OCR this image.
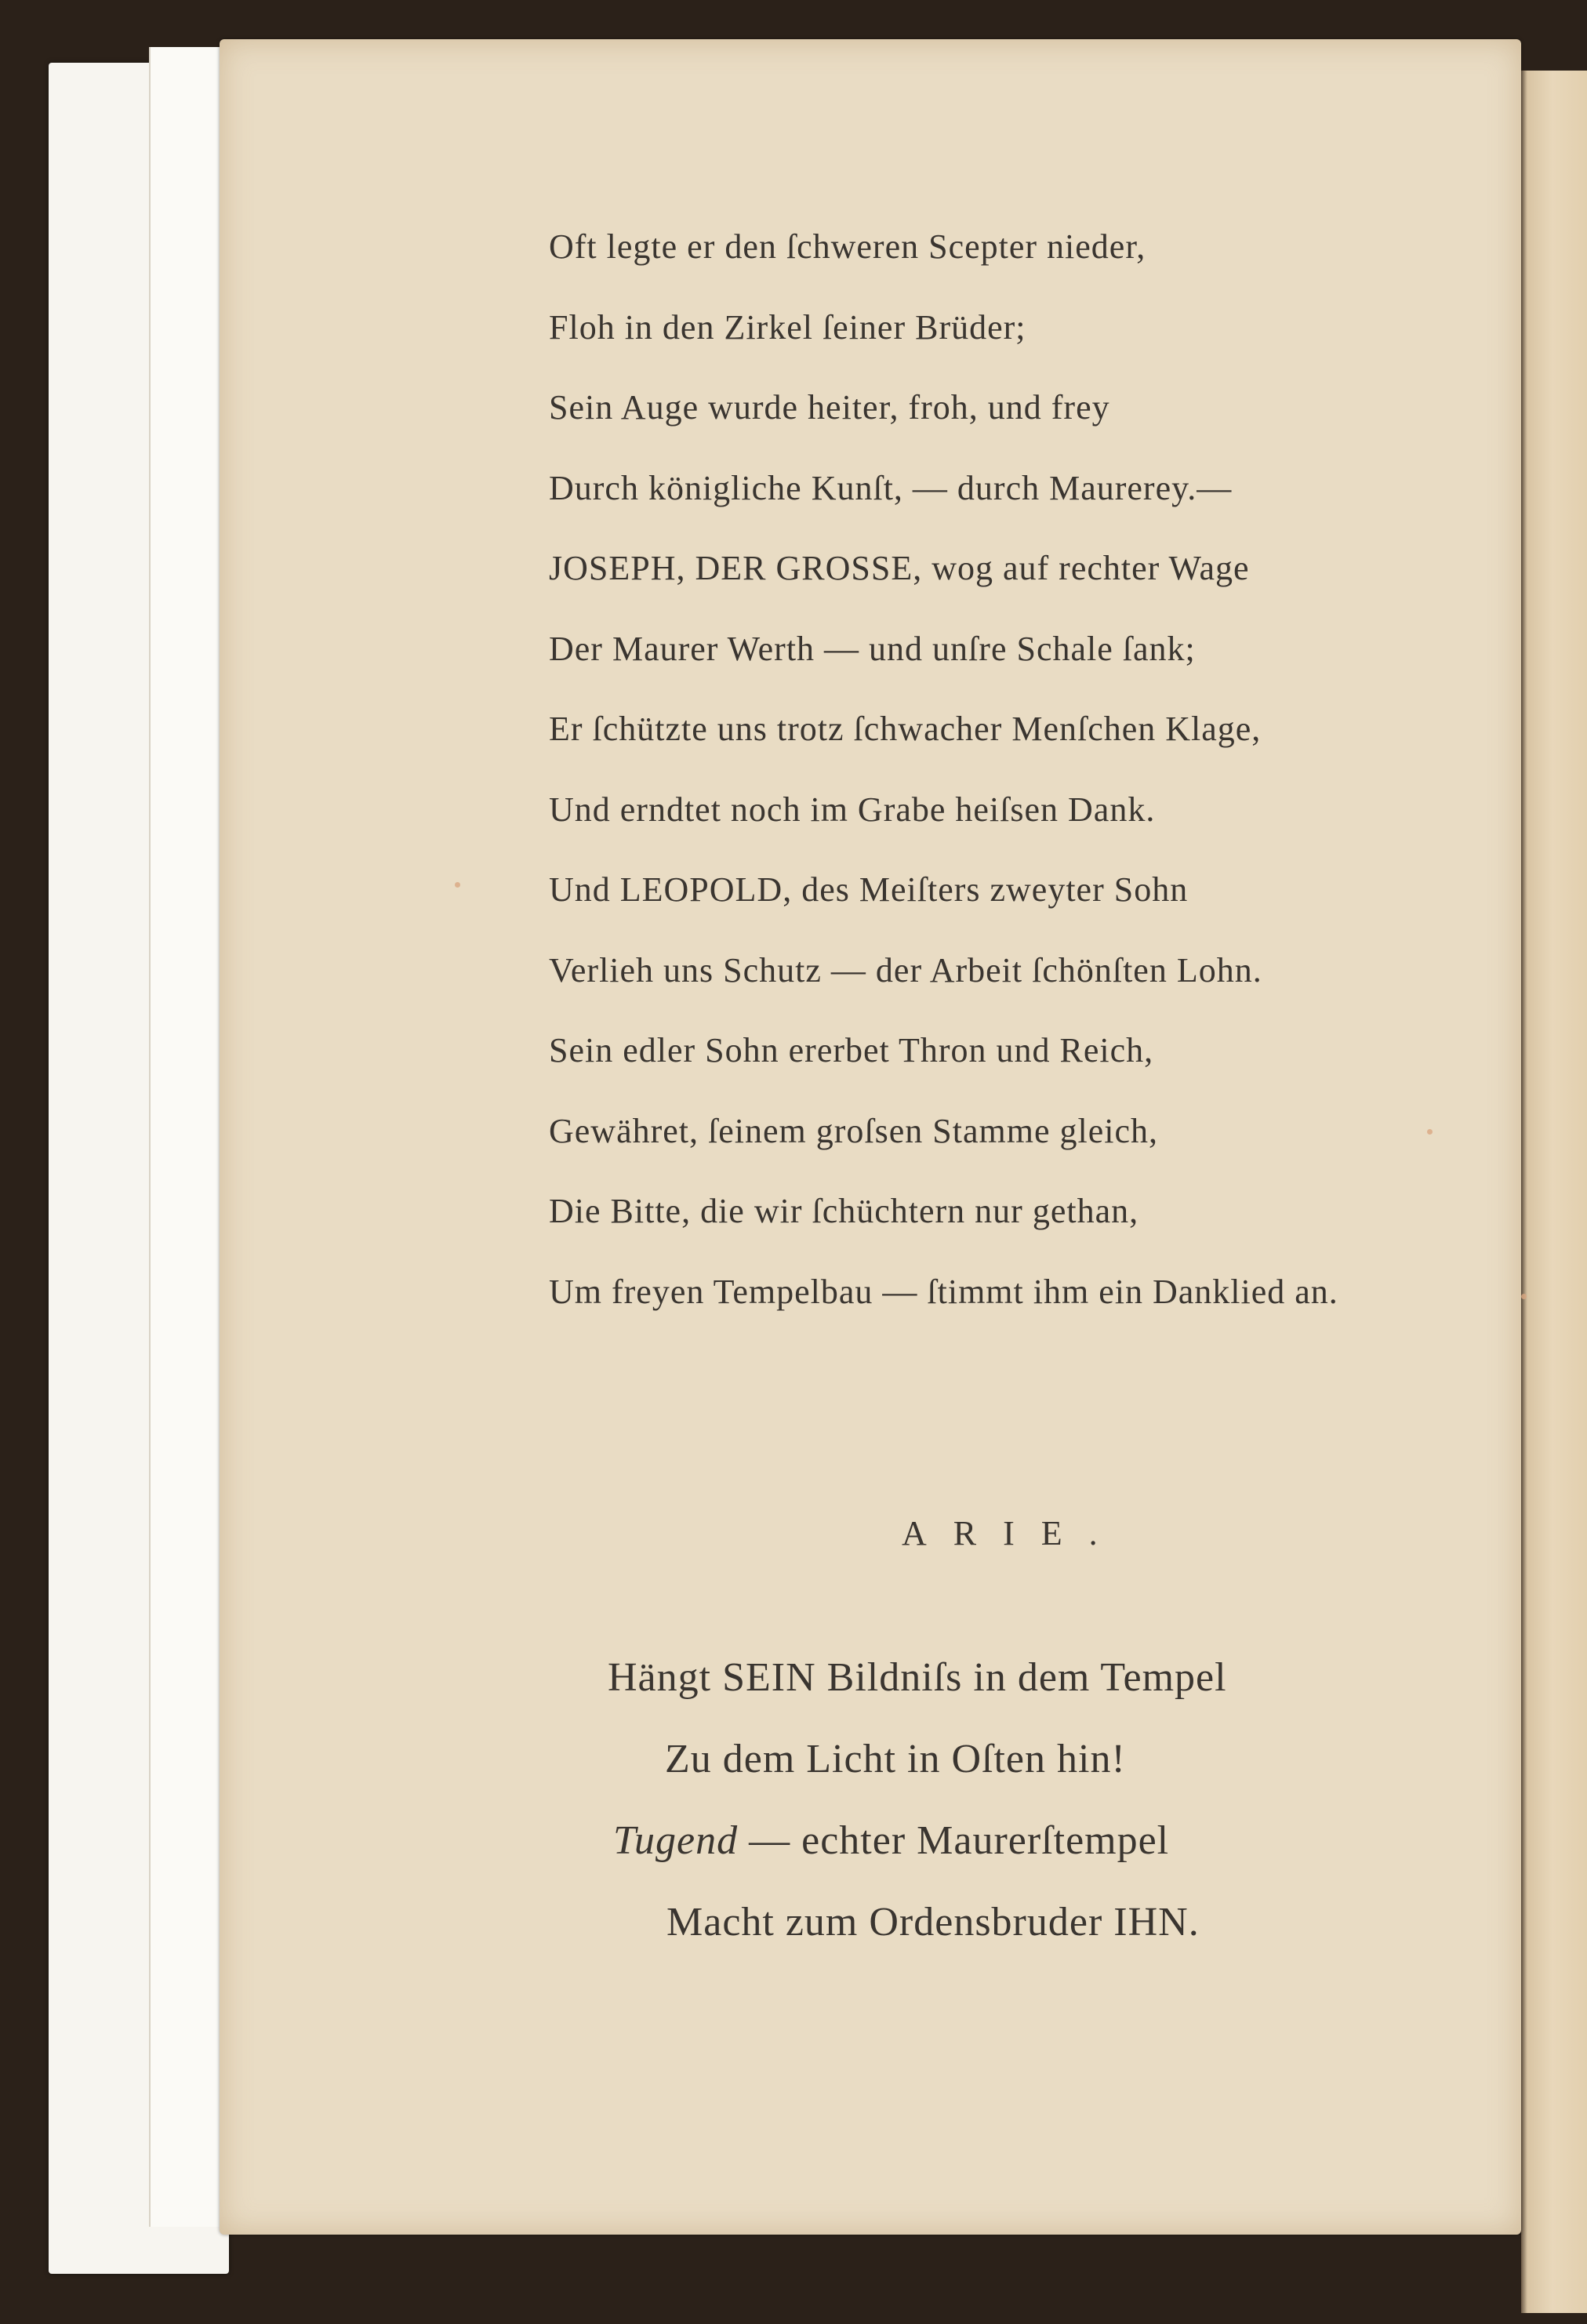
Oft legte er den ſchweren Scepter nieder,
Floh in den Zirkel ſeiner Brüder;
Sein Auge wurde heiter, froh, und frey
Durch königliche Kunſt, — durch Maurerey.—
JOSEPH, DER GROSSE, wog auf rechter Wage
Der Maurer Werth — und unſre Schale ſank;
Er ſchützte uns trotz ſchwacher Menſchen Klage,
Und erndtet noch im Grabe heiſsen Dank.
Und LEOPOLD, des Meiſters zweyter Sohn
Verlieh uns Schutz — der Arbeit ſchönſten Lohn.
Sein edler Sohn ererbet Thron und Reich,
Gewähret, ſeinem groſsen Stamme gleich,
Die Bitte, die wir ſchüchtern nur gethan,
Um freyen Tempelbau — ſtimmt ihm ein Danklied an.
ARIE.
Hängt SEIN Bildniſs in dem Tempel
Zu dem Licht in Oſten hin!
Tugend — echter Maurerſtempel
Macht zum Ordensbruder IHN.
